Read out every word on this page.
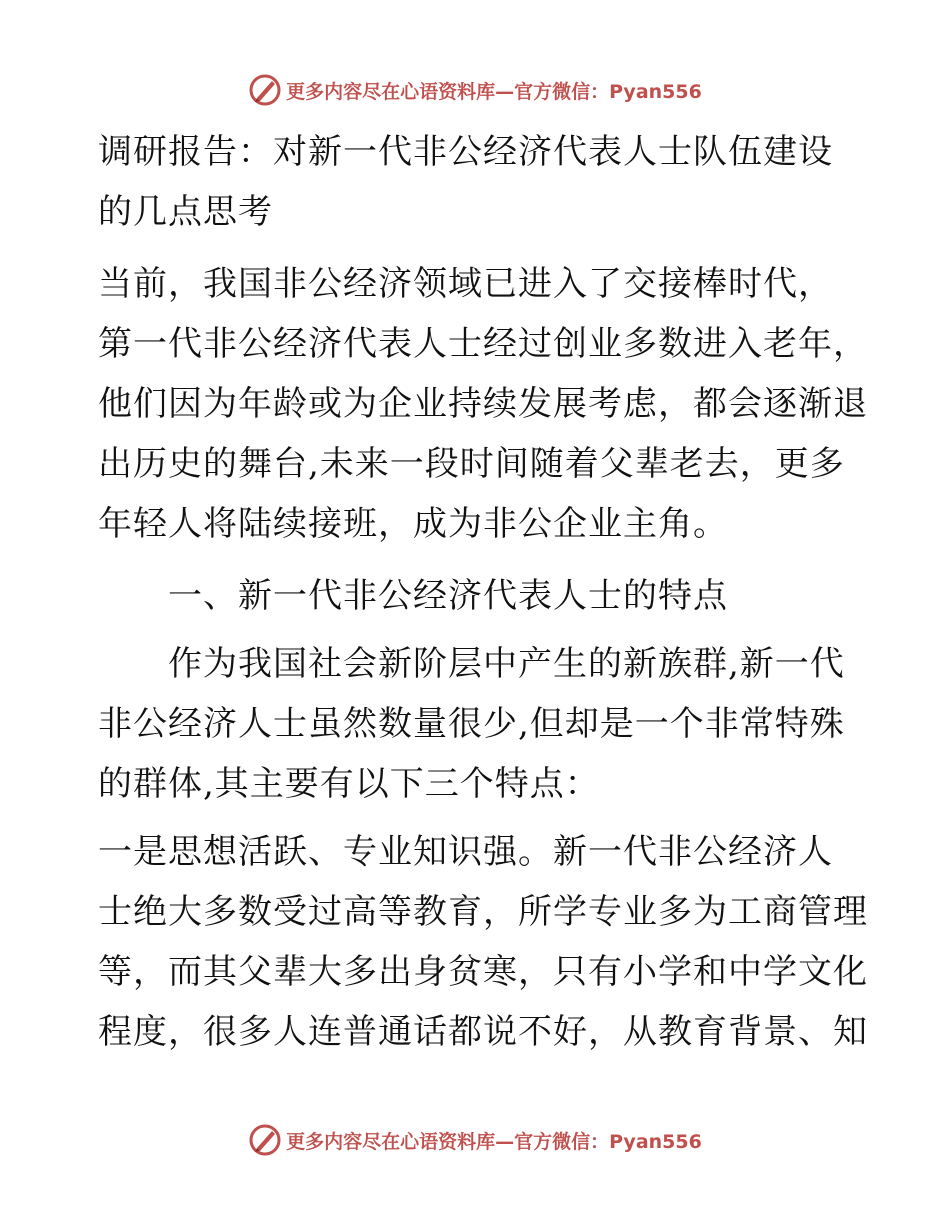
更多内容尽在心语资料库—官方微信：Pyan556
调研报告：对新一代非公经济代表人士队伍建设
的几点思考
当前，我国非公经济领域已进入了交接棒时代，
第一代非公经济代表人士经过创业多数进入老年，
他们因为年龄或为企业持续发展考虑，都会逐渐退
出历史的舞台,未来一段时间随着父辈老去，更多
年轻人将陆续接班，成为非公企业主角。
　　一、新一代非公经济代表人士的特点
　　作为我国社会新阶层中产生的新族群,新一代
非公经济人士虽然数量很少,但却是一个非常特殊
的群体,其主要有以下三个特点：
一是思想活跃、专业知识强。新一代非公经济人
士绝大多数受过高等教育，所学专业多为工商管理
等，而其父辈大多出身贫寒，只有小学和中学文化
程度，很多人连普通话都说不好，从教育背景、知
更多内容尽在心语资料库—官方微信：Pyan556
